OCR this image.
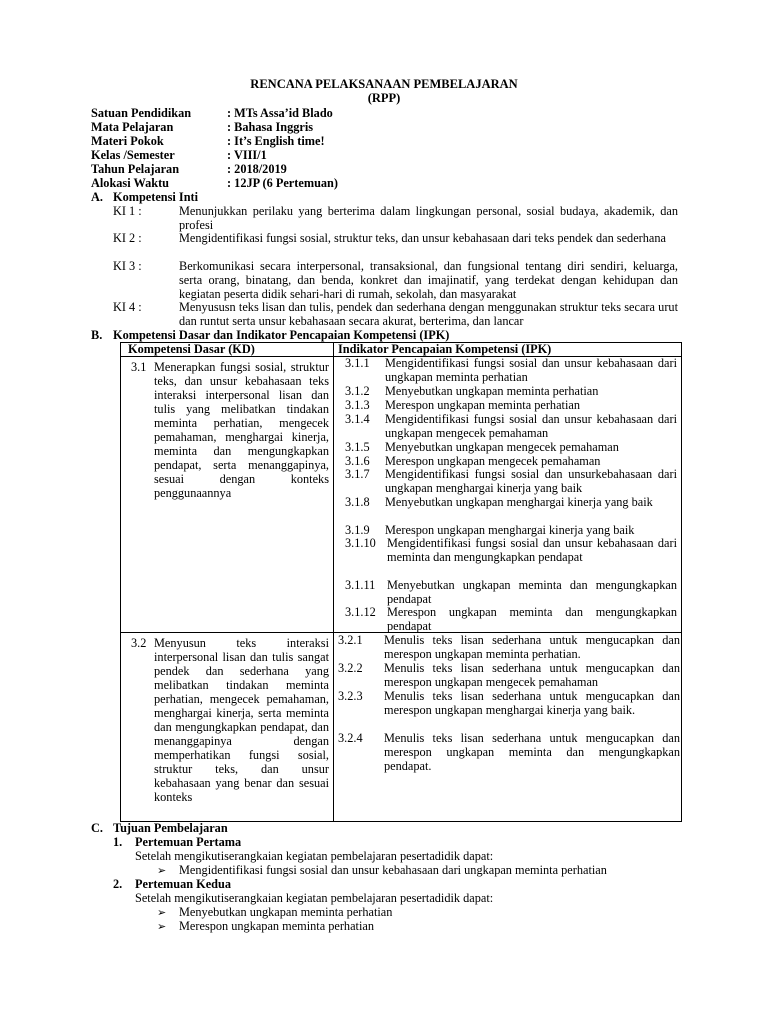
RENCANA PELAKSANAAN PEMBELAJARAN
(RPP)
Satuan Pendidikan	: MTs Assa’id Blado
Mata Pelajaran	: Bahasa Inggris
Materi Pokok	: It’s English time!
Kelas /Semester	: VIII/1
Tahun Pelajaran	: 2018/2019
Alokasi Waktu	: 12JP (6 Pertemuan)
A. Kompetensi Inti
KI 1 :	Menunjukkan perilaku yang berterima dalam lingkungan personal, sosial budaya, akademik, dan profesi
KI 2 :	Mengidentifikasi fungsi sosial, struktur teks, dan unsur kebahasaan dari teks pendek dan sederhana
KI 3 :	Berkomunikasi secara interpersonal, transaksional, dan fungsional tentang diri sendiri, keluarga, serta orang, binatang, dan benda, konkret dan imajinatif, yang terdekat dengan kehidupan dan kegiatan peserta didik sehari-hari di rumah, sekolah, dan masyarakat
KI 4 :	Menyususn teks lisan dan tulis, pendek dan sederhana dengan menggunakan struktur teks secara urut dan runtut serta unsur kebahasaan secara akurat, berterima, dan lancar
B. Kompetensi Dasar dan Indikator Pencapaian Kompetensi (IPK)
Kompetensi Dasar (KD)	Indikator Pencapaian Kompetensi (IPK)
3.1 Menerapkan fungsi sosial, struktur teks, dan unsur kebahasaan teks interaksi interpersonal lisan dan tulis yang melibatkan tindakan meminta perhatian, mengecek pemahaman, menghargai kinerja, meminta dan mengungkapkan pendapat, serta menanggapinya, sesuai dengan konteks penggunaannya
3.1.1 Mengidentifikasi fungsi sosial dan unsur kebahasaan dari ungkapan meminta perhatian
3.1.2 Menyebutkan ungkapan meminta perhatian
3.1.3 Merespon ungkapan meminta perhatian
3.1.4 Mengidentifikasi fungsi sosial dan unsur kebahasaan dari ungkapan mengecek pemahaman
3.1.5 Menyebutkan ungkapan mengecek pemahaman
3.1.6 Merespon ungkapan mengecek pemahaman
3.1.7 Mengidentifikasi fungsi sosial dan unsurkebahasaan dari ungkapan menghargai kinerja yang baik
3.1.8 Menyebutkan ungkapan menghargai kinerja yang baik
3.1.9 Merespon ungkapan menghargai kinerja yang baik
3.1.10 Mengidentifikasi fungsi sosial dan unsur kebahasaan dari meminta dan mengungkapkan pendapat
3.1.11 Menyebutkan ungkapan meminta dan mengungkapkan pendapat
3.1.12 Merespon ungkapan meminta dan mengungkapkan pendapat
3.2 Menyusun teks interaksi interpersonal lisan dan tulis sangat pendek dan sederhana yang melibatkan tindakan meminta perhatian, mengecek pemahaman, menghargai kinerja, serta meminta dan mengungkapkan pendapat, dan menanggapinya dengan memperhatikan fungsi sosial, struktur teks, dan unsur kebahasaan yang benar dan sesuai konteks
3.2.1 Menulis teks lisan sederhana untuk mengucapkan dan merespon ungkapan meminta perhatian.
3.2.2 Menulis teks lisan sederhana untuk mengucapkan dan merespon ungkapan mengecek pemahaman
3.2.3 Menulis teks lisan sederhana untuk mengucapkan dan merespon ungkapan menghargai kinerja yang baik.
3.2.4 Menulis teks lisan sederhana untuk mengucapkan dan merespon ungkapan meminta dan mengungkapkan pendapat.
C. Tujuan Pembelajaran
1. Pertemuan Pertama
Setelah mengikutiserangkaian kegiatan pembelajaran pesertadidik dapat:
➢ Mengidentifikasi fungsi sosial dan unsur kebahasaan dari ungkapan meminta perhatian
2. Pertemuan Kedua
Setelah mengikutiserangkaian kegiatan pembelajaran pesertadidik dapat:
➢ Menyebutkan ungkapan meminta perhatian
➢ Merespon ungkapan meminta perhatian
